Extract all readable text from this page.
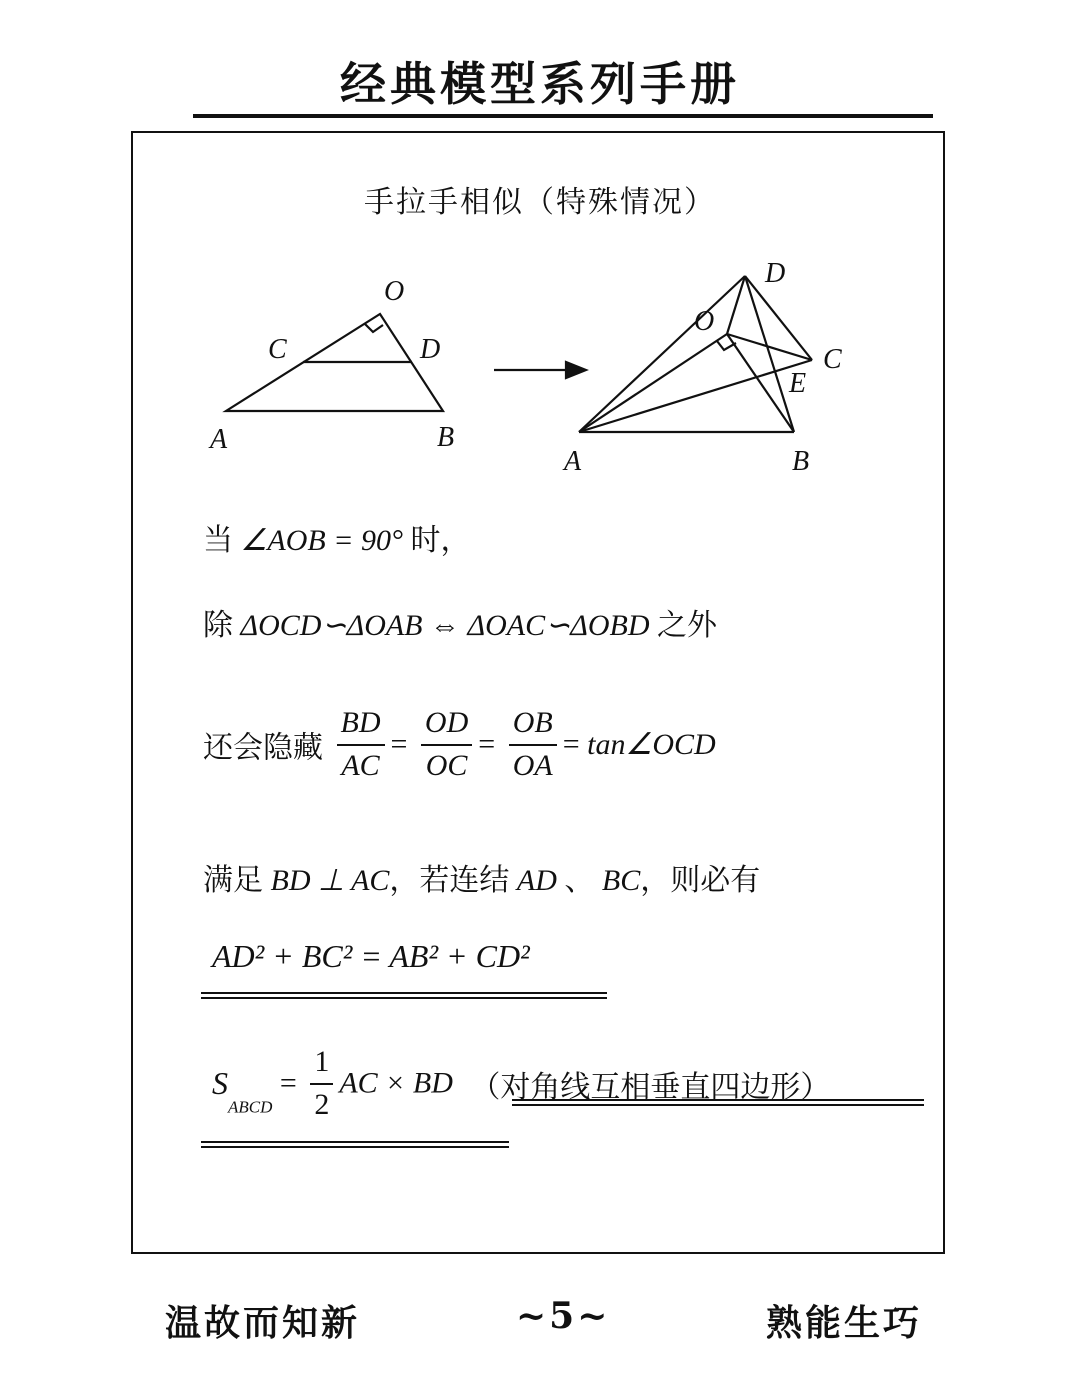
经典模型系列手册
手拉手相似（特殊情况）
O
C	D
A	B
D
O
C
E
A	B
当 ∠AOB = 90° 时，
除 ΔOCD∽ΔOAB ⇔ ΔOAC∽ΔOBD 之外
还会隐藏 $\frac{BD}{AC} = \frac{OD}{OC} = \frac{OB}{OA}$ = tan∠OCD
满足 BD ⊥ AC，若连结 AD 、 BC，则必有
AD² + BC² = AB² + CD²
$S_{ABCD} = \frac{1}{2}$ AC × BD （对角线互相垂直四边形）
温故而知新	~5~	熟能生巧
